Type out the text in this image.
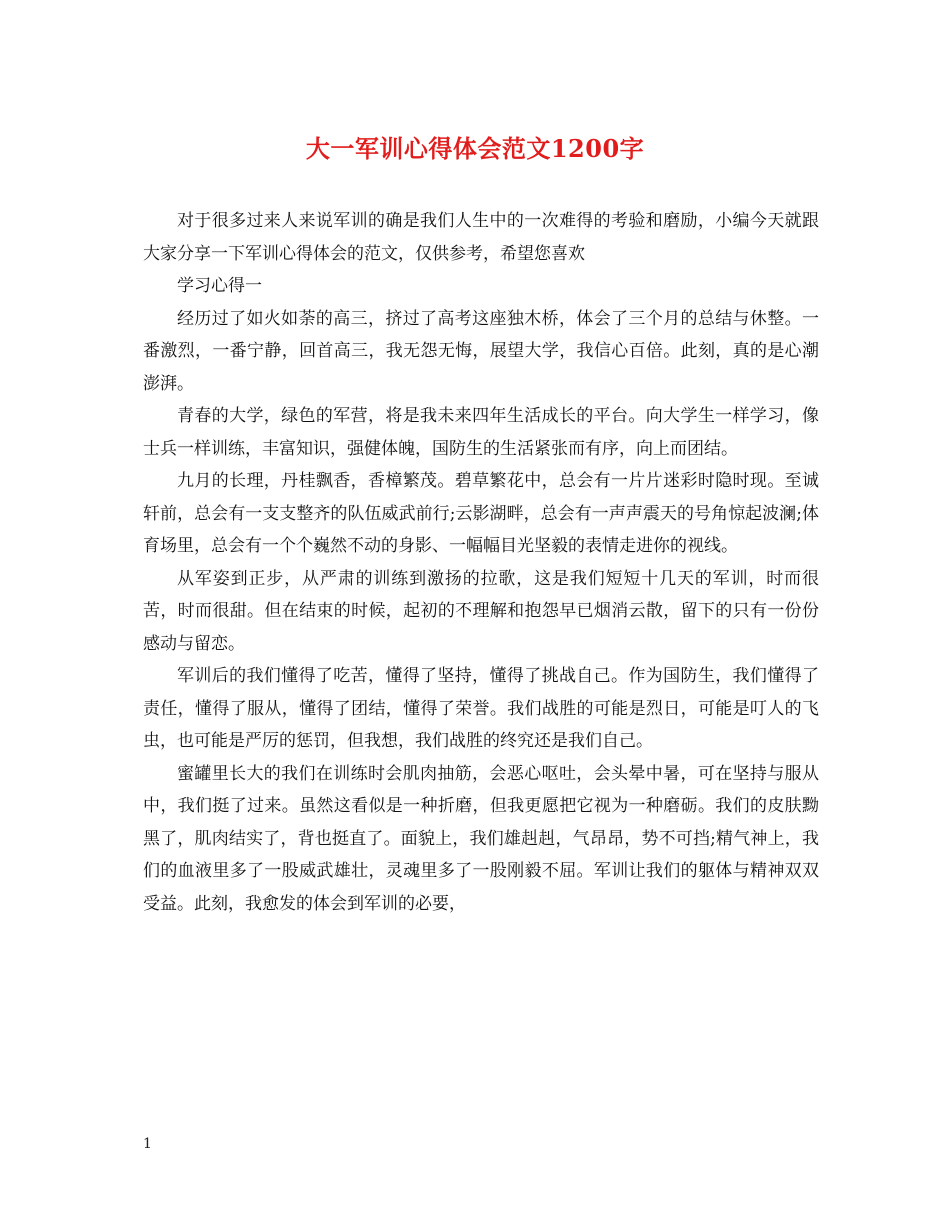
大一军训心得体会范文1200字

对于很多过来人来说军训的确是我们人生中的一次难得的考验和磨励，小编今天就跟大家分享一下军训心得体会的范文，仅供参考，希望您喜欢

学习心得一

经历过了如火如荼的高三，挤过了高考这座独木桥，体会了三个月的总结与休整。一番激烈，一番宁静，回首高三，我无怨无悔，展望大学，我信心百倍。此刻，真的是心潮澎湃。

青春的大学，绿色的军营，将是我未来四年生活成长的平台。向大学生一样学习，像士兵一样训练，丰富知识，强健体魄，国防生的生活紧张而有序，向上而团结。

九月的长理，丹桂飘香，香樟繁茂。碧草繁花中，总会有一片片迷彩时隐时现。至诚轩前，总会有一支支整齐的队伍威武前行;云影湖畔，总会有一声声震天的号角惊起波澜;体育场里，总会有一个个巍然不动的身影、一幅幅目光坚毅的表情走进你的视线。

从军姿到正步，从严肃的训练到激扬的拉歌，这是我们短短十几天的军训，时而很苦，时而很甜。但在结束的时候，起初的不理解和抱怨早已烟消云散，留下的只有一份份感动与留恋。

军训后的我们懂得了吃苦，懂得了坚持，懂得了挑战自己。作为国防生，我们懂得了责任，懂得了服从，懂得了团结，懂得了荣誉。我们战胜的可能是烈日，可能是叮人的飞虫，也可能是严厉的惩罚，但我想，我们战胜的终究还是我们自己。

蜜罐里长大的我们在训练时会肌肉抽筋，会恶心呕吐，会头晕中暑，可在坚持与服从中，我们挺了过来。虽然这看似是一种折磨，但我更愿把它视为一种磨砺。我们的皮肤黝黑了，肌肉结实了，背也挺直了。面貌上，我们雄赳赳，气昂昂，势不可挡;精气神上，我们的血液里多了一股威武雄壮，灵魂里多了一股刚毅不屈。军训让我们的躯体与精神双双受益。此刻，我愈发的体会到军训的必要，

1
